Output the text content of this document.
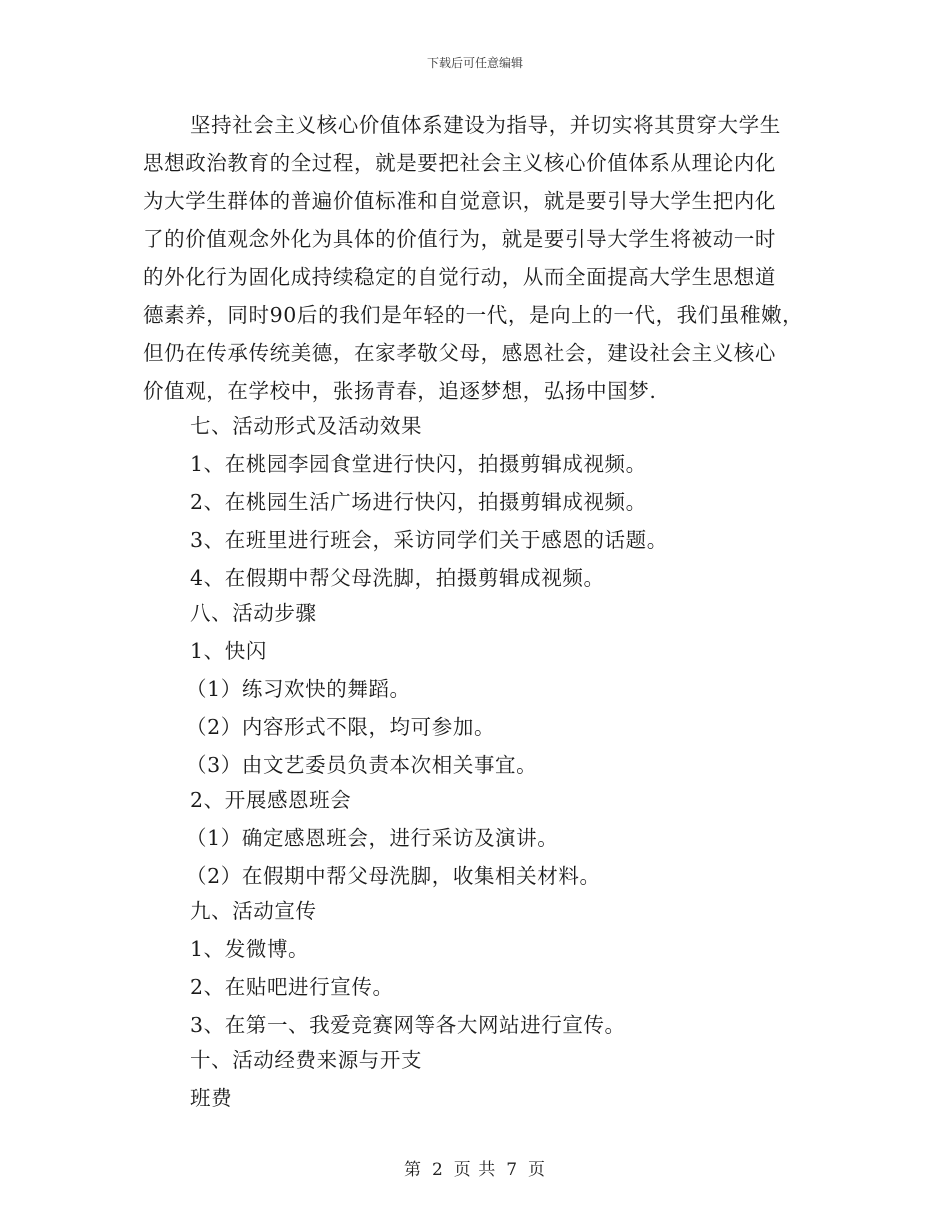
下载后可任意编辑
坚持社会主义核心价值体系建设为指导，并切实将其贯穿大学生
思想政治教育的全过程，就是要把社会主义核心价值体系从理论内化
为大学生群体的普遍价值标准和自觉意识，就是要引导大学生把内化
了的价值观念外化为具体的价值行为，就是要引导大学生将被动一时
的外化行为固化成持续稳定的自觉行动，从而全面提高大学生思想道
德素养，同时90后的我们是年轻的一代，是向上的一代，我们虽稚嫩，
但仍在传承传统美德，在家孝敬父母，感恩社会，建设社会主义核心
价值观，在学校中，张扬青春，追逐梦想，弘扬中国梦.
七、活动形式及活动效果
1、在桃园李园食堂进行快闪，拍摄剪辑成视频。
2、在桃园生活广场进行快闪，拍摄剪辑成视频。
3、在班里进行班会，采访同学们关于感恩的话题。
4、在假期中帮父母洗脚，拍摄剪辑成视频。
八、活动步骤
1、快闪
（1）练习欢快的舞蹈。
（2）内容形式不限，均可参加。
（3）由文艺委员负责本次相关事宜。
2、开展感恩班会
（1）确定感恩班会，进行采访及演讲。
（2）在假期中帮父母洗脚，收集相关材料。
九、活动宣传
1、发微博。
2、在贴吧进行宣传。
3、在第一、我爱竞赛网等各大网站进行宣传。
十、活动经费来源与开支
班费
第 2 页 共 7 页
